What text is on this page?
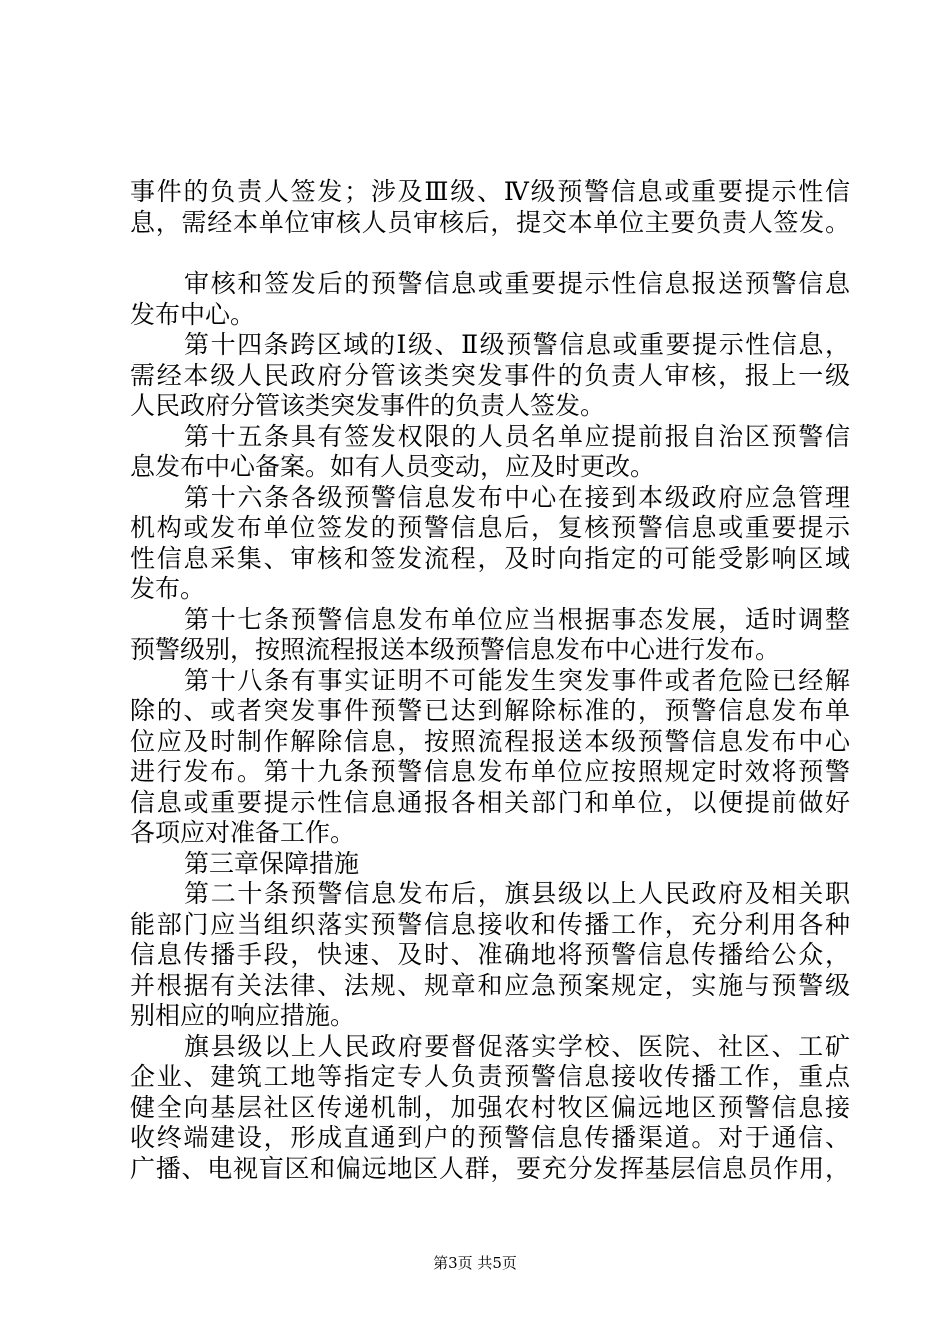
事件的负责人签发；涉及Ⅲ级、Ⅳ级预警信息或重要提示性信
息，需经本单位审核人员审核后，提交本单位主要负责人签发。
审核和签发后的预警信息或重要提示性信息报送预警信息
发布中心。
第十四条跨区域的Ⅰ级、Ⅱ级预警信息或重要提示性信息，
需经本级人民政府分管该类突发事件的负责人审核，报上一级
人民政府分管该类突发事件的负责人签发。
第十五条具有签发权限的人员名单应提前报自治区预警信
息发布中心备案。如有人员变动，应及时更改。
第十六条各级预警信息发布中心在接到本级政府应急管理
机构或发布单位签发的预警信息后，复核预警信息或重要提示
性信息采集、审核和签发流程，及时向指定的可能受影响区域
发布。
第十七条预警信息发布单位应当根据事态发展，适时调整
预警级别，按照流程报送本级预警信息发布中心进行发布。
第十八条有事实证明不可能发生突发事件或者危险已经解
除的、或者突发事件预警已达到解除标准的，预警信息发布单
位应及时制作解除信息，按照流程报送本级预警信息发布中心
进行发布。第十九条预警信息发布单位应按照规定时效将预警
信息或重要提示性信息通报各相关部门和单位，以便提前做好
各项应对准备工作。
第三章保障措施
第二十条预警信息发布后，旗县级以上人民政府及相关职
能部门应当组织落实预警信息接收和传播工作，充分利用各种
信息传播手段，快速、及时、准确地将预警信息传播给公众，
并根据有关法律、法规、规章和应急预案规定，实施与预警级
别相应的响应措施。
旗县级以上人民政府要督促落实学校、医院、社区、工矿
企业、建筑工地等指定专人负责预警信息接收传播工作，重点
健全向基层社区传递机制，加强农村牧区偏远地区预警信息接
收终端建设，形成直通到户的预警信息传播渠道。对于通信、
广播、电视盲区和偏远地区人群，要充分发挥基层信息员作用，
第3页 共5页
